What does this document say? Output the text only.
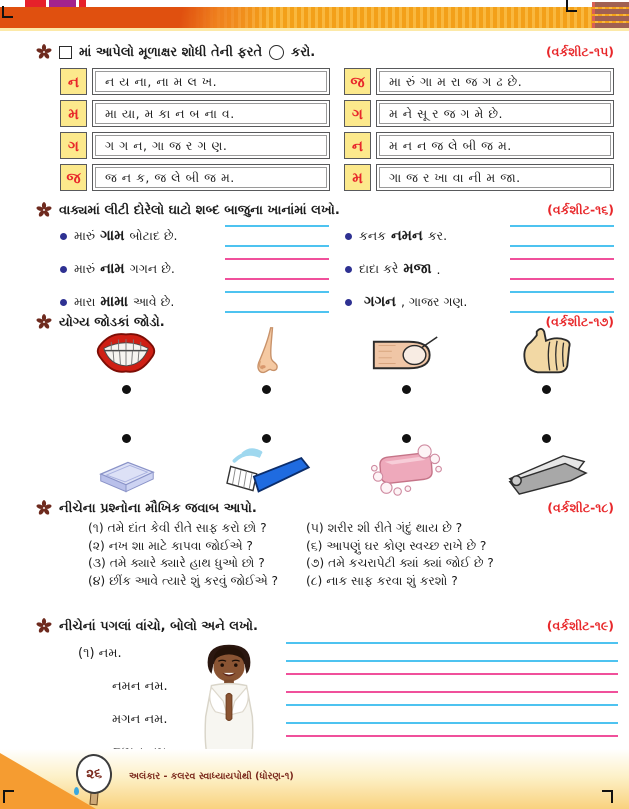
માં આપેલો મૂળાક્ષર શોધી તેની ફરતે કરો.	(વર્કશીટ-૧૫)
ન	ન ય ના, ના મ લ ખ.
મ	મા યા, મ કા ન બ ના વ.
ગ	ગ ગ ન, ગા જ ર ગ ણ.
જ	જ ન ક, જ લે બી જ મ.
જ	મા રું ગા મ રા જ ગ ઢ છે.
ગ	મ ને સૂ ર જ ગ મે છે.
ન	મ ન ન જ લે બી જ મ.
મ	ગા જ ર ખા વા ની મ જા.
વાક્યમાં લીટી દોરેલો ઘાટો શબ્દ બાજુના ખાનાંમાં લખો.	(વર્કશીટ-૧૬)
મારું ગામ બોટાદ છે.
મારું નામ ગગન છે.
મારા મામા આવે છે.
કનક નમન કર.
દાદા કરે મજા .
ગગન , ગાજર ગણ.
યોગ્ય જોડકાં જોડો.	(વર્કશીટ-૧૭)
નીચેના પ્રશ્નોના મૌખિક જવાબ આપો.	(વર્કશીટ-૧૮)
(૧) તમે દાંત કેવી રીતે સાફ કરો છો ?
(૨) નખ શા માટે કાપવા જોઈએ ?
(૩) તમે ક્યારે ક્યારે હાથ ધુઓ છો ?
(૪) છીંક આવે ત્યારે શું કરવું જોઈએ ?
(૫) શરીર શી રીતે ગંદું થાય છે ?
(૬) આપણું ઘર કોણ સ્વચ્છ રાખે છે ?
(૭) તમે કચરાપેટી ક્યાં ક્યાં જોઈ છે ?
(૮) નાક સાફ કરવા શું કરશો ?
નીચેનાં પગલાં વાંચો, બોલો અને લખો.	(વર્કશીટ-૧૯)
(૧) નમ.
નમન નમ.
મગન નમ.
૨૬	અલંકાર - કલરવ સ્વાધ્યાયપોથી (ધોરણ-૧)
